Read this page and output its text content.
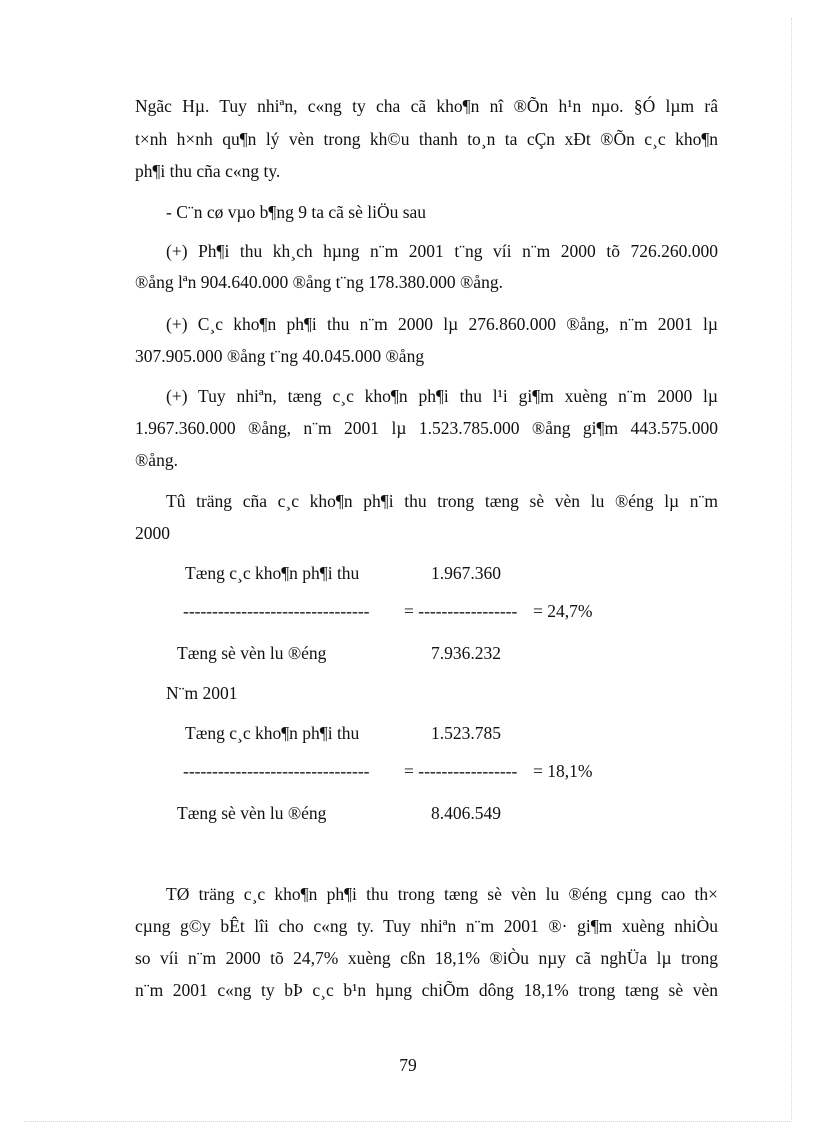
Ngãc Hµ. Tuy nhiªn, c«ng ty cha cã kho¶n nî ®Õn h¹n nµo. §Ó lµm râ
t×nh h×nh qu¶n lý vèn trong kh©u thanh to¸n ta cÇn xÐt ®Õn c¸c kho¶n
ph¶i thu cña c«ng ty.
- C¨n cø vµo b¶ng 9 ta cã sè liÖu sau
(+) Ph¶i thu kh¸ch hµng n¨m 2001 t¨ng víi n¨m 2000 tõ 726.260.000
®ång lªn 904.640.000 ®ång t¨ng 178.380.000 ®ång.
(+) C¸c kho¶n ph¶i thu n¨m 2000 lµ 276.860.000 ®ång, n¨m 2001 lµ
307.905.000 ®ång t¨ng 40.045.000 ®ång
(+) Tuy nhiªn, tæng c¸c kho¶n ph¶i thu l¹i gi¶m xuèng n¨m 2000 lµ
1.967.360.000 ®ång, n¨m 2001 lµ 1.523.785.000 ®ång gi¶m 443.575.000
®ång.
Tû träng cña c¸c kho¶n ph¶i thu trong tæng sè vèn lu ®éng lµ n¨m
2000
Tæng c¸c kho¶n ph¶i thu	1.967.360
-------------------------------- = ----------------- = 24,7%
Tæng sè vèn lu ®éng	7.936.232
N¨m 2001
Tæng c¸c kho¶n ph¶i thu	1.523.785
-------------------------------- = ----------------- = 18,1%
Tæng sè vèn lu ®éng	8.406.549
TØ träng c¸c kho¶n ph¶i thu trong tæng sè vèn lu ®éng cµng cao th×
cµng g©y bÊt lîi cho c«ng ty. Tuy nhiªn n¨m 2001 ®· gi¶m xuèng nhiÒu
so víi n¨m 2000 tõ 24,7% xuèng cßn 18,1% ®iÒu nµy cã nghÜa lµ trong
n¨m 2001 c«ng ty bÞ c¸c b¹n hµng chiÕm dông 18,1% trong tæng sè vèn
79
